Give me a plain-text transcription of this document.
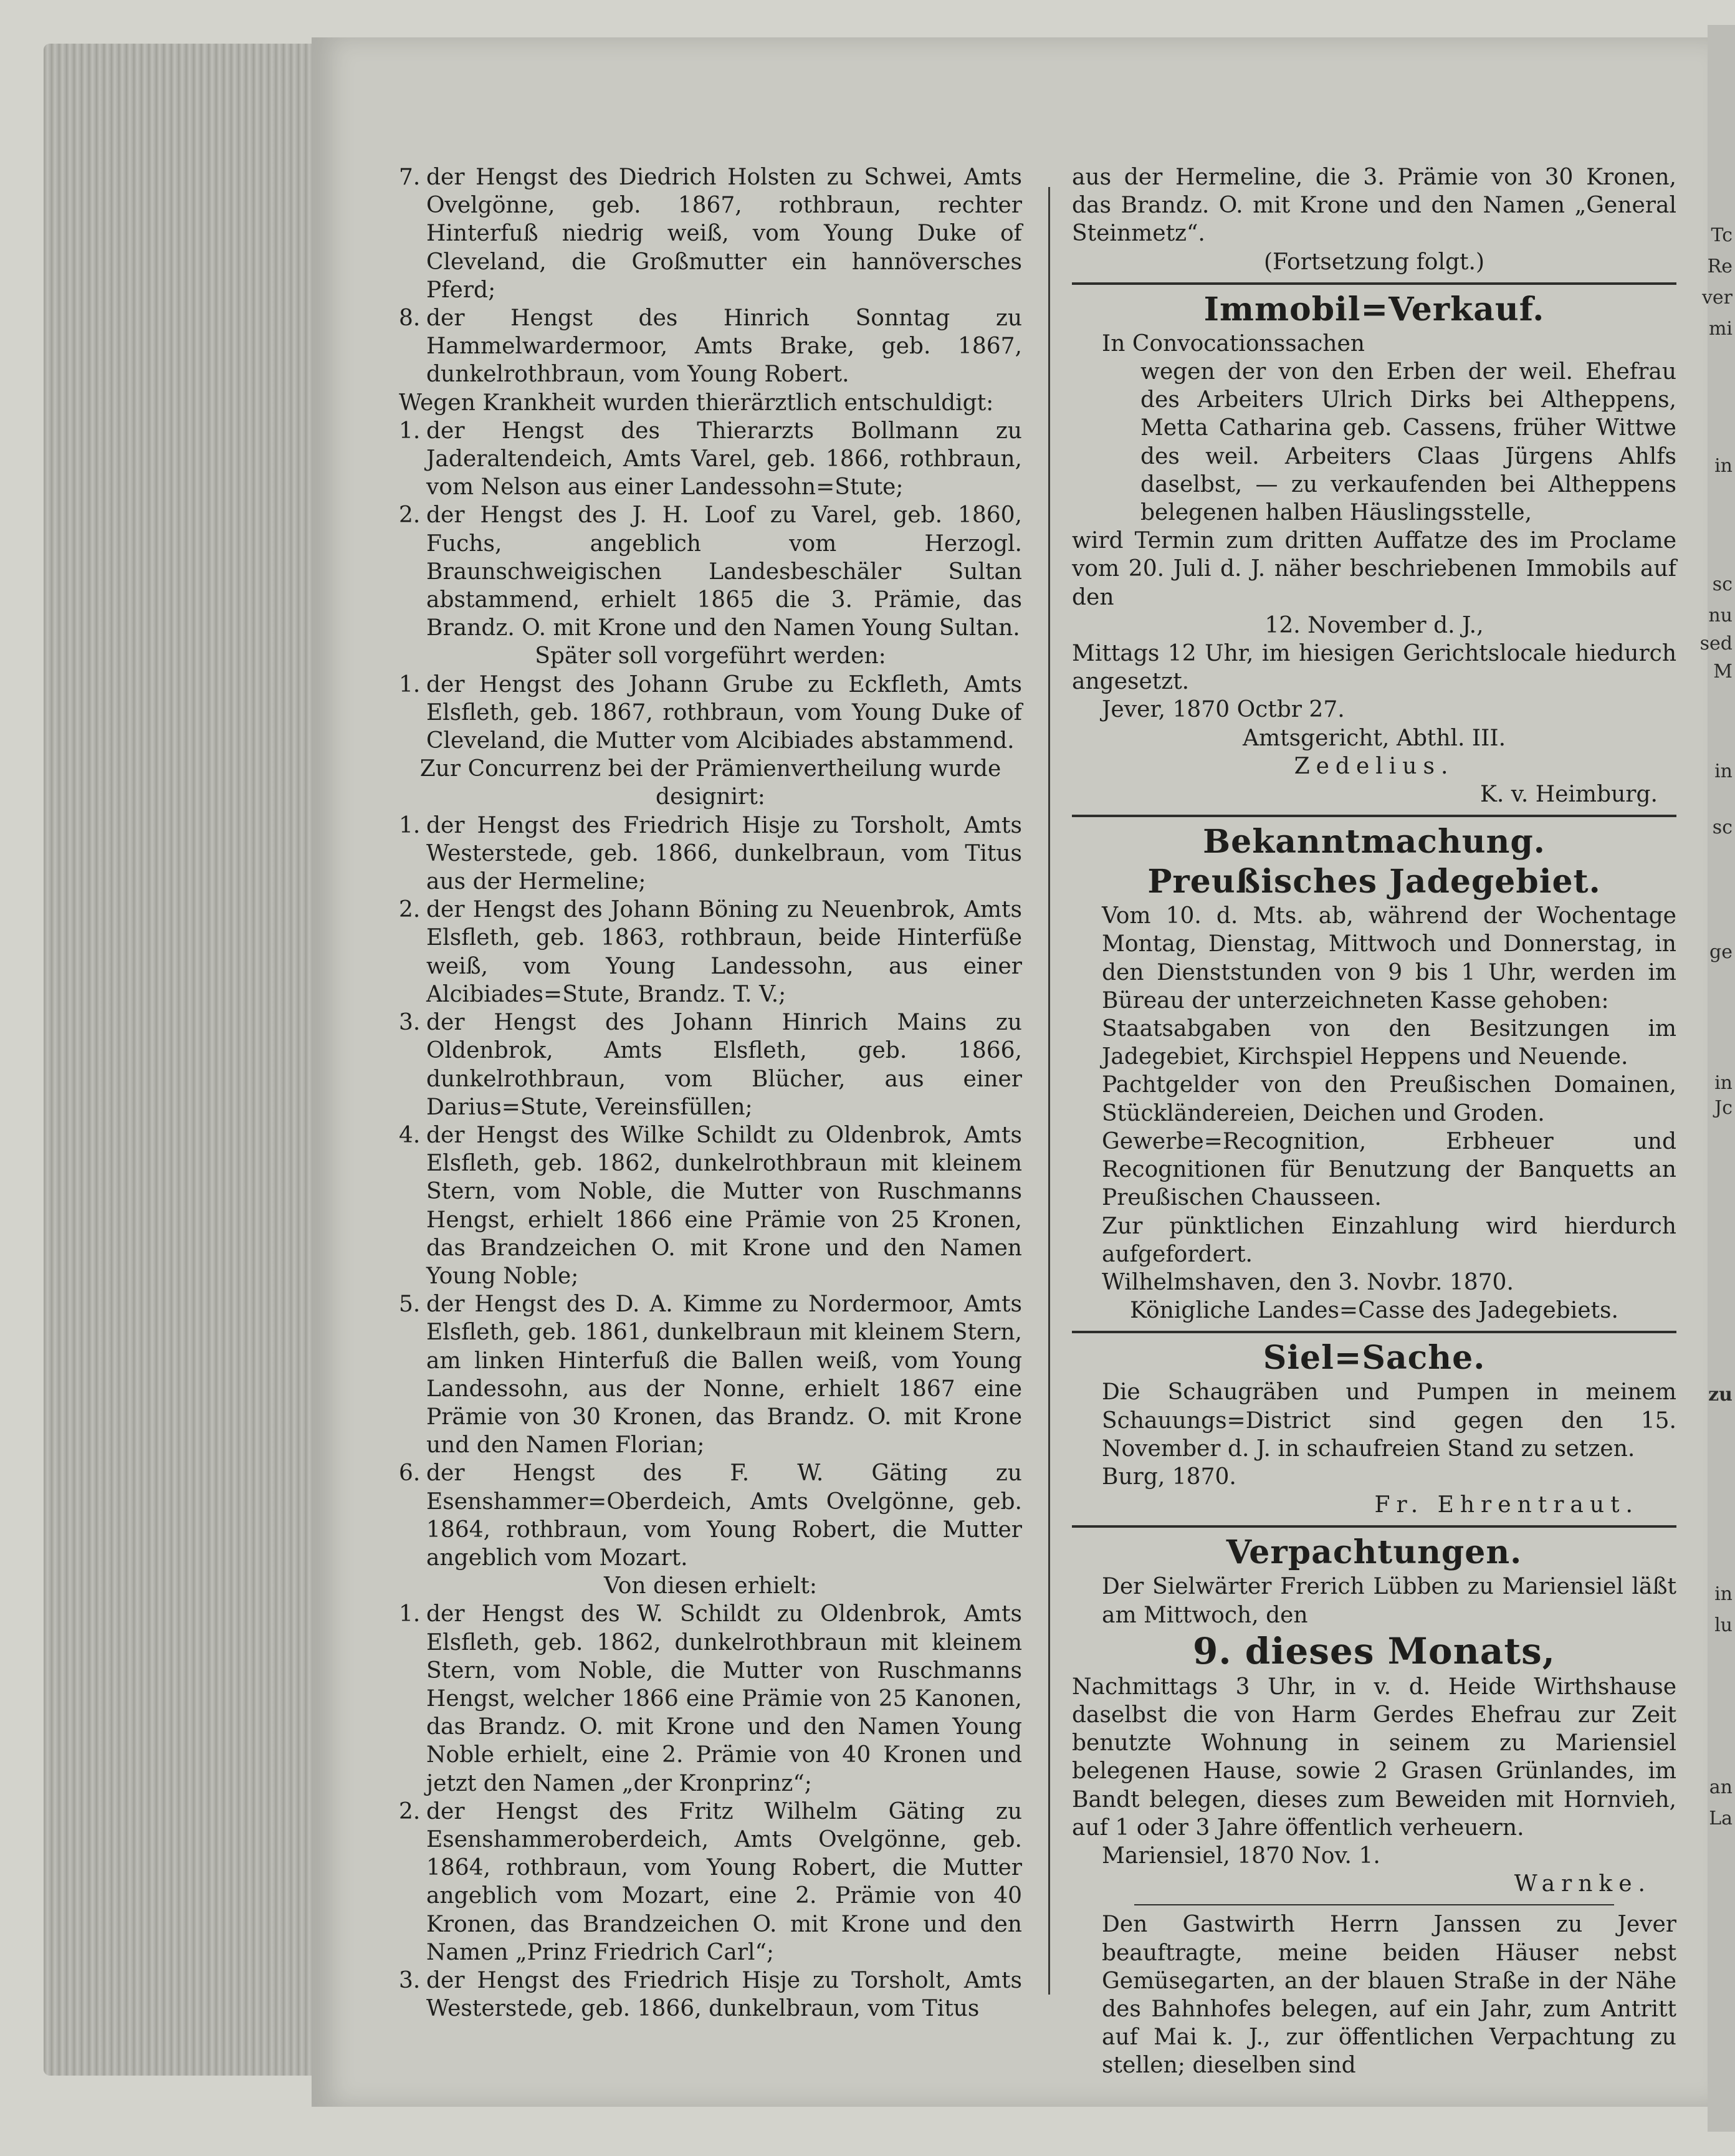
Tc
Re
ver
mi
in
sc
nu
sed
M
in
sc
ge
in
Jc
zu
in
lu
an
La
7. der Hengst des Diedrich Holsten zu Schwei, Amts Ovelgönne, geb. 1867, rothbraun, rechter Hinterfuß niedrig weiß, vom Young Duke of Cleveland, die Großmutter ein hannöversches Pferd;
8. der Hengst des Hinrich Sonntag zu Hammelwardermoor, Amts Brake, geb. 1867, dunkelrothbraun, vom Young Robert.
Wegen Krankheit wurden thierärztlich entschuldigt:
1. der Hengst des Thierarzts Bollmann zu Jaderaltendeich, Amts Varel, geb. 1866, rothbraun, vom Nelson aus einer Landessohn=Stute;
2. der Hengst des J. H. Loof zu Varel, geb. 1860, Fuchs, angeblich vom Herzogl. Braunschweigischen Landesbeschäler Sultan abstammend, erhielt 1865 die 3. Prämie, das Brandz. O. mit Krone und den Namen Young Sultan.
Später soll vorgeführt werden:
1. der Hengst des Johann Grube zu Eckfleth, Amts Elsfleth, geb. 1867, rothbraun, vom Young Duke of Cleveland, die Mutter vom Alcibiades abstammend.
Zur Concurrenz bei der Prämienvertheilung wurde designirt:
1. der Hengst des Friedrich Hisje zu Torsholt, Amts Westerstede, geb. 1866, dunkelbraun, vom Titus aus der Hermeline;
2. der Hengst des Johann Böning zu Neuenbrok, Amts Elsfleth, geb. 1863, rothbraun, beide Hinterfüße weiß, vom Young Landessohn, aus einer Alcibiades=Stute, Brandz. T. V.;
3. der Hengst des Johann Hinrich Mains zu Oldenbrok, Amts Elsfleth, geb. 1866, dunkelrothbraun, vom Blücher, aus einer Darius=Stute, Vereinsfüllen;
4. der Hengst des Wilke Schildt zu Oldenbrok, Amts Elsfleth, geb. 1862, dunkelrothbraun mit kleinem Stern, vom Noble, die Mutter von Ruschmanns Hengst, erhielt 1866 eine Prämie von 25 Kronen, das Brandzeichen O. mit Krone und den Namen Young Noble;
5. der Hengst des D. A. Kimme zu Nordermoor, Amts Elsfleth, geb. 1861, dunkelbraun mit kleinem Stern, am linken Hinterfuß die Ballen weiß, vom Young Landessohn, aus der Nonne, erhielt 1867 eine Prämie von 30 Kronen, das Brandz. O. mit Krone und den Namen Florian;
6. der Hengst des F. W. Gäting zu Esenshammer=Oberdeich, Amts Ovelgönne, geb. 1864, rothbraun, vom Young Robert, die Mutter angeblich vom Mozart.
Von diesen erhielt:
1. der Hengst des W. Schildt zu Oldenbrok, Amts Elsfleth, geb. 1862, dunkelrothbraun mit kleinem Stern, vom Noble, die Mutter von Ruschmanns Hengst, welcher 1866 eine Prämie von 25 Kanonen, das Brandz. O. mit Krone und den Namen Young Noble erhielt, eine 2. Prämie von 40 Kronen und jetzt den Namen „der Kronprinz“;
2. der Hengst des Fritz Wilhelm Gäting zu Esenshammeroberdeich, Amts Ovelgönne, geb. 1864, rothbraun, vom Young Robert, die Mutter angeblich vom Mozart, eine 2. Prämie von 40 Kronen, das Brandzeichen O. mit Krone und den Namen „Prinz Friedrich Carl“;
3. der Hengst des Friedrich Hisje zu Torsholt, Amts Westerstede, geb. 1866, dunkelbraun, vom Titus
aus der Hermeline, die 3. Prämie von 30 Kronen, das Brandz. O. mit Krone und den Namen „General Steinmetz“.
(Fortsetzung folgt.)
Immobil=Verkauf.
In Convocationssachen
wegen der von den Erben der weil. Ehefrau des Arbeiters Ulrich Dirks bei Altheppens, Metta Catharina geb. Cassens, früher Wittwe des weil. Arbeiters Claas Jürgens Ahlfs daselbst, — zu verkaufenden bei Altheppens belegenen halben Häuslingsstelle,
wird Termin zum dritten Auffatze des im Proclame vom 20. Juli d. J. näher beschriebenen Immobils auf den
12. November d. J.,
Mittags 12 Uhr, im hiesigen Gerichtslocale hiedurch angesetzt.
Jever, 1870 Octbr 27.
Amtsgericht, Abthl. III.
Zedelius.
K. v. Heimburg.
Bekanntmachung.
Preußisches Jadegebiet.
Vom 10. d. Mts. ab, während der Wochentage Montag, Dienstag, Mittwoch und Donnerstag, in den Dienststunden von 9 bis 1 Uhr, werden im Büreau der unterzeichneten Kasse gehoben:
Staatsabgaben von den Besitzungen im Jadegebiet, Kirchspiel Heppens und Neuende.
Pachtgelder von den Preußischen Domainen, Stückländereien, Deichen und Groden.
Gewerbe=Recognition, Erbheuer und Recognitionen für Benutzung der Banquetts an Preußischen Chausseen.
Zur pünktlichen Einzahlung wird hierdurch aufgefordert.
Wilhelmshaven, den 3. Novbr. 1870.
Königliche Landes=Casse des Jadegebiets.
Siel=Sache.
Die Schaugräben und Pumpen in meinem Schauungs=District sind gegen den 15. November d. J. in schaufreien Stand zu setzen.
Burg, 1870.
Fr. Ehrentraut.
Verpachtungen.
Der Sielwärter Frerich Lübben zu Mariensiel läßt am Mittwoch, den
9. dieses Monats,
Nachmittags 3 Uhr, in v. d. Heide Wirthshause daselbst die von Harm Gerdes Ehefrau zur Zeit benutzte Wohnung in seinem zu Mariensiel belegenen Hause, sowie 2 Grasen Grünlandes, im Bandt belegen, dieses zum Beweiden mit Hornvieh, auf 1 oder 3 Jahre öffentlich verheuern.
Mariensiel, 1870 Nov. 1.
Warnke.
Den Gastwirth Herrn Janssen zu Jever beauftragte, meine beiden Häuser nebst Gemüsegarten, an der blauen Straße in der Nähe des Bahnhofes belegen, auf ein Jahr, zum Antritt auf Mai k. J., zur öffentlichen Verpachtung zu stellen; dieselben sind
